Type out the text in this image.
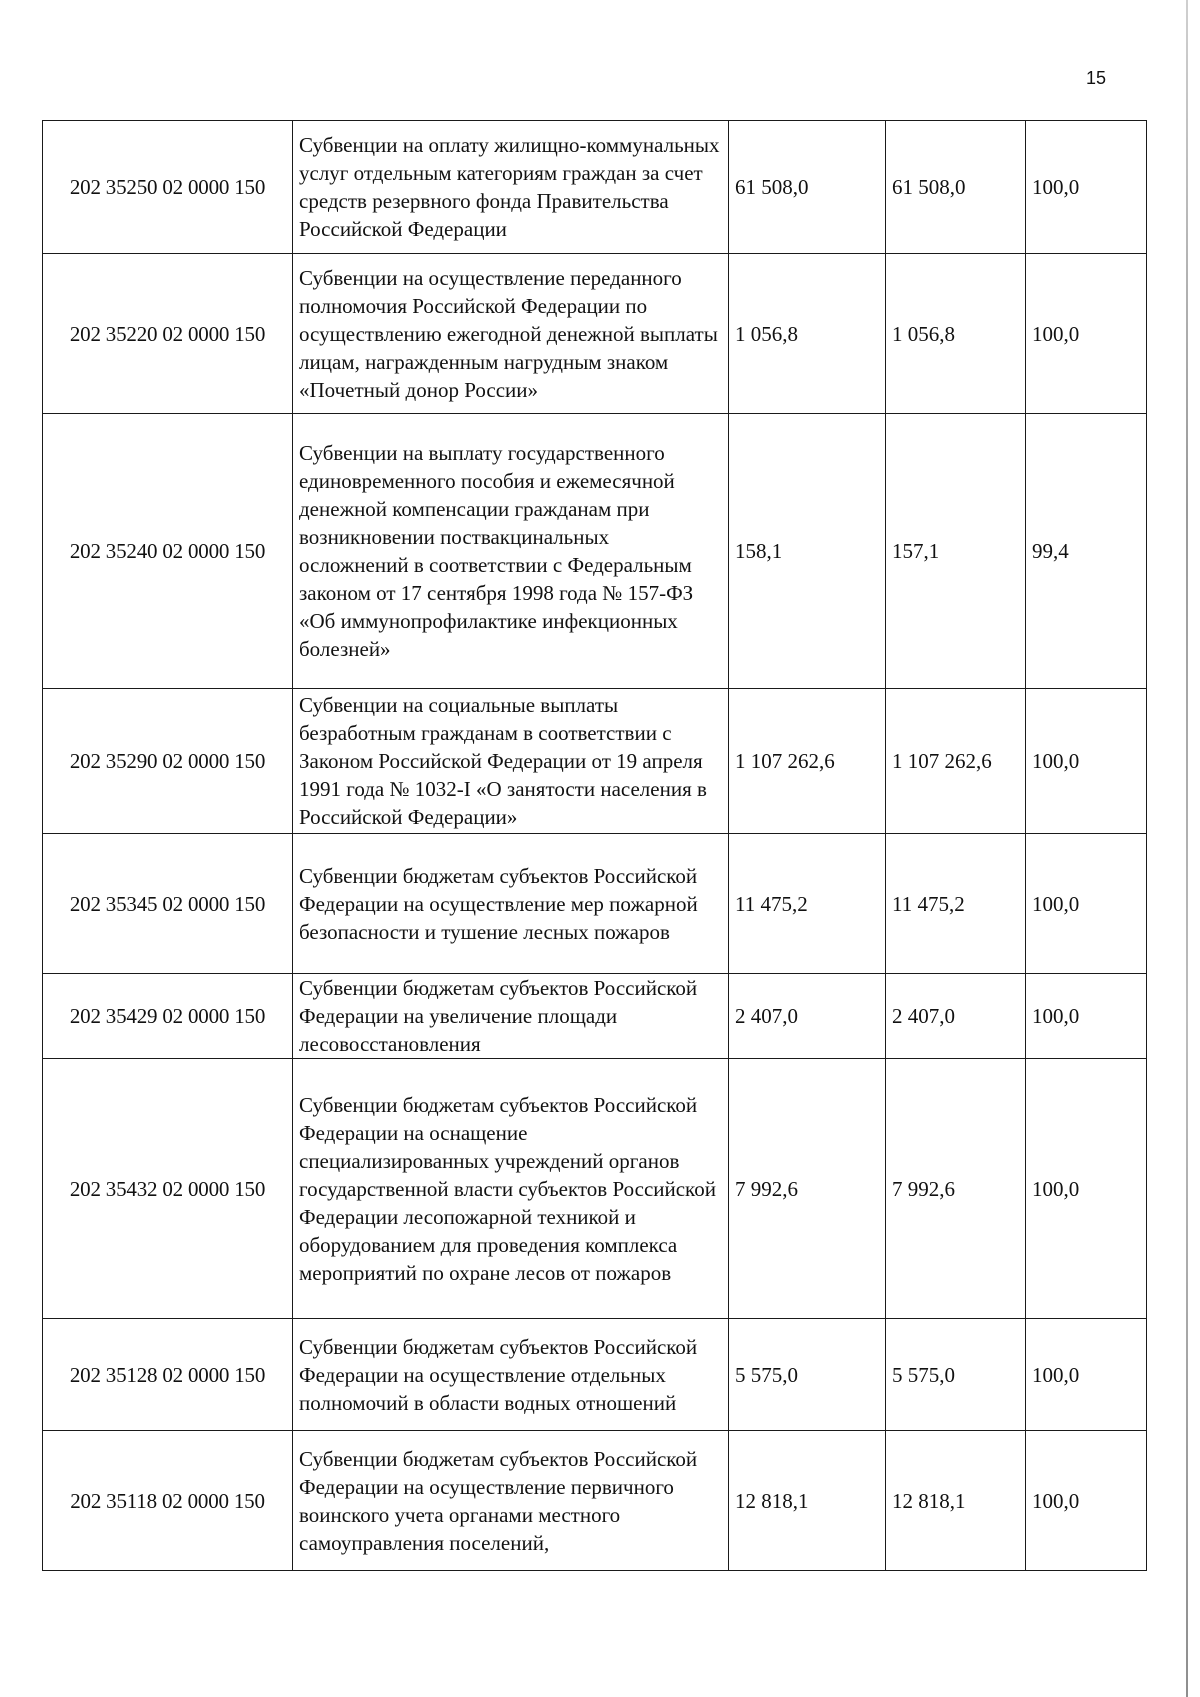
15
202 35250 02 0000 150	Субвенции на оплату жилищно-коммунальных услуг отдельным категориям граждан за счет средств резервного фонда Правительства Российской Федерации	61 508,0	61 508,0	100,0
202 35220 02 0000 150	Субвенции на осуществление переданного полномочия Российской Федерации по осуществлению ежегодной денежной выплаты лицам, награжденным нагрудным знаком «Почетный донор России»	1 056,8	1 056,8	100,0
202 35240 02 0000 150	Субвенции на выплату государственного единовременного пособия и ежемесячной денежной компенсации гражданам при возникновении поствакцинальных осложнений в соответствии с Федеральным законом от 17 сентября 1998 года № 157-ФЗ «Об иммунопрофилактике инфекционных болезней»	158,1	157,1	99,4
202 35290 02 0000 150	Субвенции на социальные выплаты безработным гражданам в соответствии с Законом Российской Федерации от 19 апреля 1991 года № 1032-I «О занятости населения в Российской Федерации»	1 107 262,6	1 107 262,6	100,0
202 35345 02 0000 150	Субвенции бюджетам субъектов Российской Федерации на осуществление мер пожарной безопасности и тушение лесных пожаров	11 475,2	11 475,2	100,0
202 35429 02 0000 150	Субвенции бюджетам субъектов Российской Федерации на увеличение площади лесовосстановления	2 407,0	2 407,0	100,0
202 35432 02 0000 150	Субвенции бюджетам субъектов Российской Федерации на оснащение специализированных учреждений органов государственной власти субъектов Российской Федерации лесопожарной техникой и оборудованием для проведения комплекса мероприятий по охране лесов от пожаров	7 992,6	7 992,6	100,0
202 35128 02 0000 150	Субвенции бюджетам субъектов Российской Федерации на осуществление отдельных полномочий в области водных отношений	5 575,0	5 575,0	100,0
202 35118 02 0000 150	Субвенции бюджетам субъектов Российской Федерации на осуществление первичного воинского учета органами местного самоуправления поселений,	12 818,1	12 818,1	100,0
